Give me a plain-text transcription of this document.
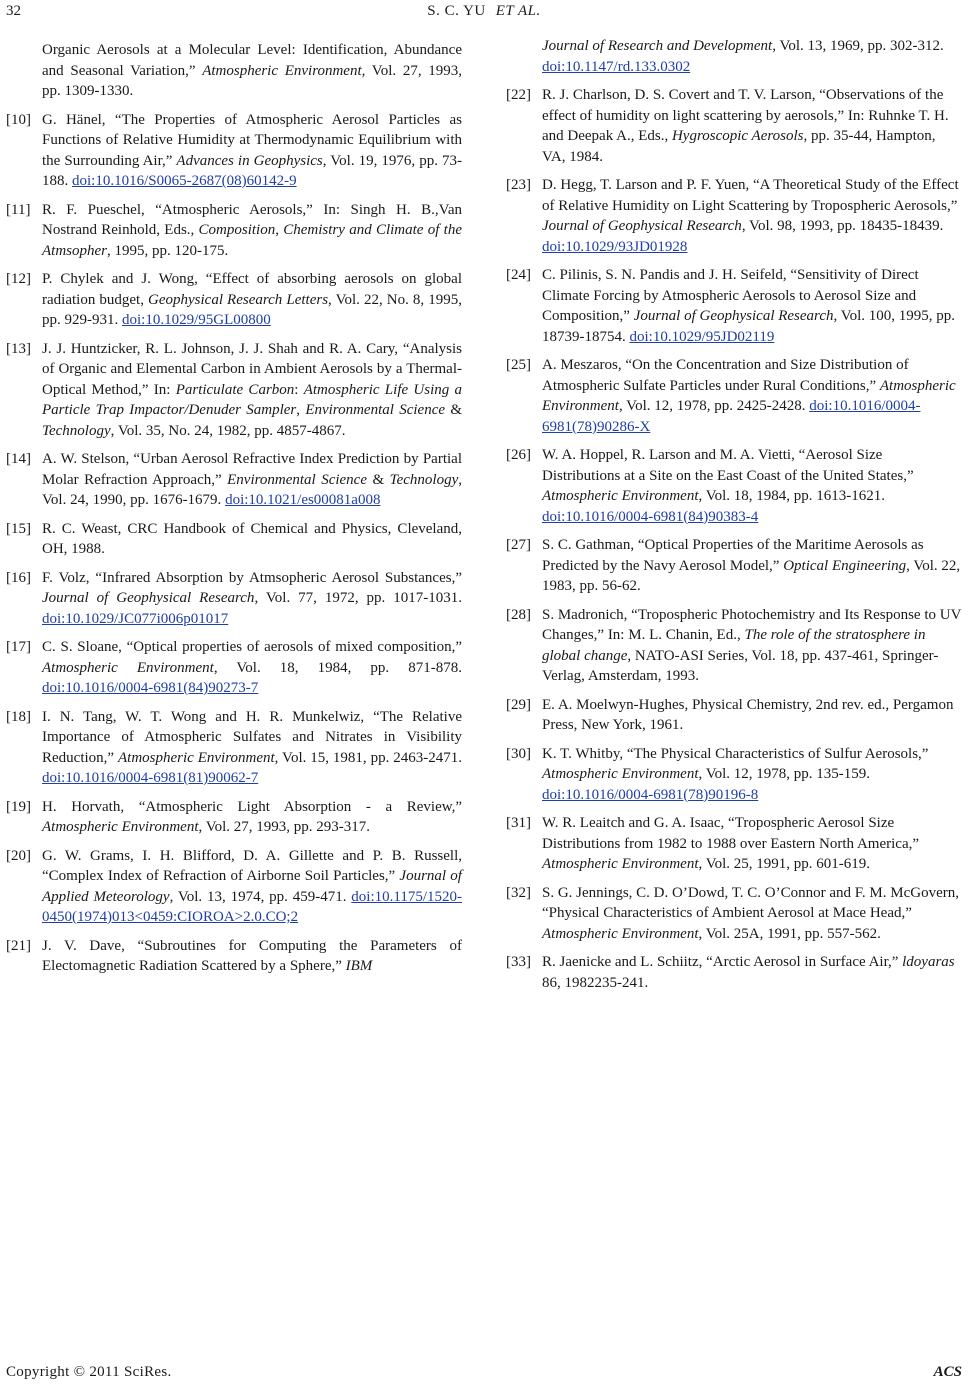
32	S. C. YU ET AL.
Organic Aerosols at a Molecular Level: Identification, Abundance and Seasonal Variation,” Atmospheric Environment, Vol. 27, 1993, pp. 1309-1330.
[10] G. Hänel, “The Properties of Atmospheric Aerosol Particles as Functions of Relative Humidity at Thermodynamic Equilibrium with the Surrounding Air,” Advances in Geophysics, Vol. 19, 1976, pp. 73-188. doi:10.1016/S0065-2687(08)60142-9
[11] R. F. Pueschel, “Atmospheric Aerosols,” In: Singh H. B.,Van Nostrand Reinhold, Eds., Composition, Chemistry and Climate of the Atmsopher, 1995, pp. 120-175.
[12] P. Chylek and J. Wong, “Effect of absorbing aerosols on global radiation budget, Geophysical Research Letters, Vol. 22, No. 8, 1995, pp. 929-931. doi:10.1029/95GL00800
[13] J. J. Huntzicker, R. L. Johnson, J. J. Shah and R. A. Cary, “Analysis of Organic and Elemental Carbon in Ambient Aerosols by a Thermal-Optical Method,” In: Particulate Carbon: Atmospheric Life Using a Particle Trap Impactor/Denuder Sampler, Environmental Science & Technology, Vol. 35, No. 24, 1982, pp. 4857-4867.
[14] A. W. Stelson, “Urban Aerosol Refractive Index Prediction by Partial Molar Refraction Approach,” Environmental Science & Technology, Vol. 24, 1990, pp. 1676-1679. doi:10.1021/es00081a008
[15] R. C. Weast, CRC Handbook of Chemical and Physics, Cleveland, OH, 1988.
[16] F. Volz, “Infrared Absorption by Atmsopheric Aerosol Substances,” Journal of Geophysical Research, Vol. 77, 1972, pp. 1017-1031. doi:10.1029/JC077i006p01017
[17] C. S. Sloane, “Optical properties of aerosols of mixed composition,” Atmospheric Environment, Vol. 18, 1984, pp. 871-878. doi:10.1016/0004-6981(84)90273-7
[18] I. N. Tang, W. T. Wong and H. R. Munkelwiz, “The Relative Importance of Atmospheric Sulfates and Nitrates in Visibility Reduction,” Atmospheric Environment, Vol. 15, 1981, pp. 2463-2471. doi:10.1016/0004-6981(81)90062-7
[19] H. Horvath, “Atmospheric Light Absorption - a Review,” Atmospheric Environment, Vol. 27, 1993, pp. 293-317.
[20] G. W. Grams, I. H. Blifford, D. A. Gillette and P. B. Russell, “Complex Index of Refraction of Airborne Soil Particles,” Journal of Applied Meteorology, Vol. 13, 1974, pp. 459-471. doi:10.1175/1520-0450(1974)013<0459:CIOROA>2.0.CO;2
[21] J. V. Dave, “Subroutines for Computing the Parameters of Electomagnetic Radiation Scattered by a Sphere,” IBM
Journal of Research and Development, Vol. 13, 1969, pp. 302-312. doi:10.1147/rd.133.0302
[22] R. J. Charlson, D. S. Covert and T. V. Larson, “Observations of the effect of humidity on light scattering by aerosols,” In: Ruhnke T. H. and Deepak A., Eds., Hygroscopic Aerosols, pp. 35-44, Hampton, VA, 1984.
[23] D. Hegg, T. Larson and P. F. Yuen, “A Theoretical Study of the Effect of Relative Humidity on Light Scattering by Tropospheric Aerosols,” Journal of Geophysical Research, Vol. 98, 1993, pp. 18435-18439. doi:10.1029/93JD01928
[24] C. Pilinis, S. N. Pandis and J. H. Seifeld, “Sensitivity of Direct Climate Forcing by Atmospheric Aerosols to Aerosol Size and Composition,” Journal of Geophysical Research, Vol. 100, 1995, pp. 18739-18754. doi:10.1029/95JD02119
[25] A. Meszaros, “On the Concentration and Size Distribution of Atmospheric Sulfate Particles under Rural Conditions,” Atmospheric Environment, Vol. 12, 1978, pp. 2425-2428. doi:10.1016/0004-6981(78)90286-X
[26] W. A. Hoppel, R. Larson and M. A. Vietti, “Aerosol Size Distributions at a Site on the East Coast of the United States,” Atmospheric Environment, Vol. 18, 1984, pp. 1613-1621. doi:10.1016/0004-6981(84)90383-4
[27] S. C. Gathman, “Optical Properties of the Maritime Aerosols as Predicted by the Navy Aerosol Model,” Optical Engineering, Vol. 22, 1983, pp. 56-62.
[28] S. Madronich, “Tropospheric Photochemistry and Its Response to UV Changes,” In: M. L. Chanin, Ed., The role of the stratosphere in global change, NATO-ASI Series, Vol. 18, pp. 437-461, Springer-Verlag, Amsterdam, 1993.
[29] E. A. Moelwyn-Hughes, Physical Chemistry, 2nd rev. ed., Pergamon Press, New York, 1961.
[30] K. T. Whitby, “The Physical Characteristics of Sulfur Aerosols,” Atmospheric Environment, Vol. 12, 1978, pp. 135-159. doi:10.1016/0004-6981(78)90196-8
[31] W. R. Leaitch and G. A. Isaac, “Tropospheric Aerosol Size Distributions from 1982 to 1988 over Eastern North America,” Atmospheric Environment, Vol. 25, 1991, pp. 601-619.
[32] S. G. Jennings, C. D. O’Dowd, T. C. O’Connor and F. M. McGovern, “Physical Characteristics of Ambient Aerosol at Mace Head,” Atmospheric Environment, Vol. 25A, 1991, pp. 557-562.
[33] R. Jaenicke and L. Schiitz, “Arctic Aerosol in Surface Air,” ldoyaras 86, 1982235-241.
Copyright © 2011 SciRes.	ACS
